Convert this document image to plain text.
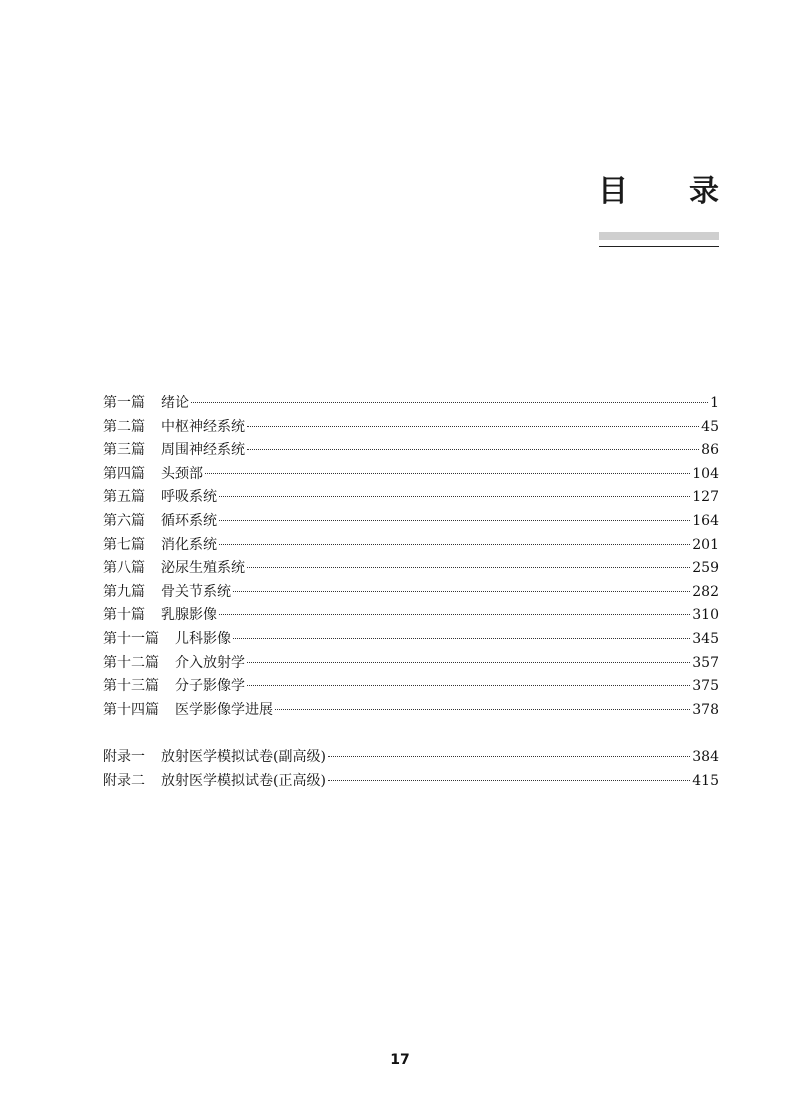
目 录
第一篇 绪论	1
第二篇 中枢神经系统	45
第三篇 周围神经系统	86
第四篇 头颈部	104
第五篇 呼吸系统	127
第六篇 循环系统	164
第七篇 消化系统	201
第八篇 泌尿生殖系统	259
第九篇 骨关节系统	282
第十篇 乳腺影像	310
第十一篇 儿科影像	345
第十二篇 介入放射学	357
第十三篇 分子影像学	375
第十四篇 医学影像学进展	378
附录一 放射医学模拟试卷(副高级)	384
附录二 放射医学模拟试卷(正高级)	415
17
